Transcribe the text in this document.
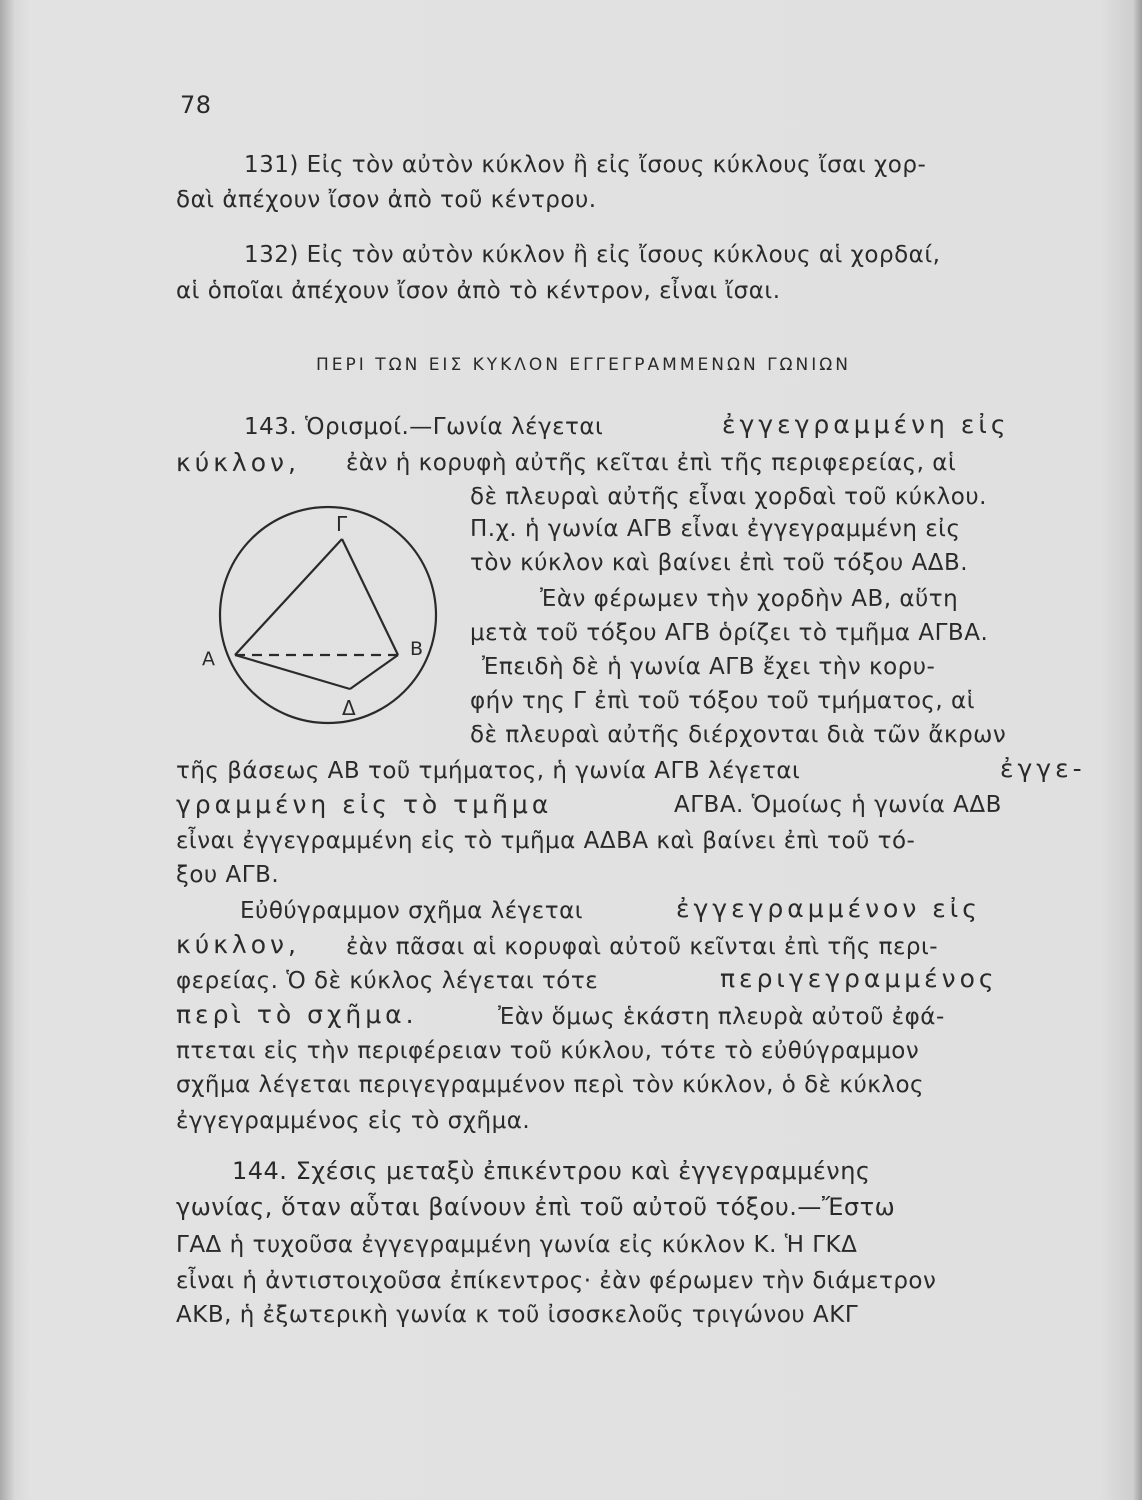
78
131) Εἰς τὸν αὐτὸν κύκλον ἢ εἰς ἴσους κύκλους ἴσαι χορ-
δαὶ ἀπέχουν ἴσον ἀπὸ τοῦ κέντρου.
132) Εἰς τὸν αὐτὸν κύκλον ἢ εἰς ἴσους κύκλους αἱ χορδαί,
αἱ ὁποῖαι ἀπέχουν ἴσον ἀπὸ τὸ κέντρον, εἶναι ἴσαι.
ΠΕΡΙ ΤΩΝ ΕΙΣ ΚΥΚΛΟΝ ΕΓΓΕΓΡΑΜΜΕΝΩΝ ΓΩΝΙΩΝ
143. Ὁρισμοί.—Γωνία λέγεται	ἐγγεγραμμένη εἰς
κύκλον, ἐὰν ἡ κορυφὴ αὐτῆς κεῖται ἐπὶ τῆς περιφερείας, αἱ
δὲ πλευραὶ αὐτῆς εἶναι χορδαὶ τοῦ κύκλου.
Π.χ. ἡ γωνία ΑΓΒ εἶναι ἐγγεγραμμένη εἰς
τὸν κύκλον καὶ βαίνει ἐπὶ τοῦ τόξου ΑΔΒ.
Ἐὰν φέρωμεν τὴν χορδὴν ΑΒ, αὕτη
μετὰ τοῦ τόξου ΑΓΒ ὁρίζει τὸ τμῆμα ΑΓΒΑ.
Ἐπειδὴ δὲ ἡ γωνία ΑΓΒ ἔχει τὴν κορυ-
φήν της Γ ἐπὶ τοῦ τόξου τοῦ τμήματος, αἱ
δὲ πλευραὶ αὐτῆς διέρχονται διὰ τῶν ἄκρων
τῆς βάσεως ΑΒ τοῦ τμήματος, ἡ γωνία ΑΓΒ λέγεται	ἐγγε-
γραμμένη εἰς τὸ τμῆμα	ΑΓΒΑ. Ὁμοίως ἡ γωνία ΑΔΒ
εἶναι ἐγγεγραμμένη εἰς τὸ τμῆμα ΑΔΒΑ καὶ βαίνει ἐπὶ τοῦ τό-
ξου ΑΓΒ.
Εὐθύγραμμον σχῆμα λέγεται	ἐγγεγραμμένον εἰς
κύκλον, ἐὰν πᾶσαι αἱ κορυφαὶ αὐτοῦ κεῖνται ἐπὶ τῆς περι-
φερείας. Ὁ δὲ κύκλος λέγεται τότε	περιγεγραμμένος
περὶ τὸ σχῆμα.	Ἐὰν ὅμως ἑκάστη πλευρὰ αὐτοῦ ἐφά-
πτεται εἰς τὴν περιφέρειαν τοῦ κύκλου, τότε τὸ εὐθύγραμμον
σχῆμα λέγεται περιγεγραμμένον περὶ τὸν κύκλον, ὁ δὲ κύκλος
ἐγγεγραμμένος εἰς τὸ σχῆμα.
144. Σχέσις μεταξὺ ἐπικέντρου καὶ ἐγγεγραμμένης
γωνίας, ὅταν αὗται βαίνουν ἐπὶ τοῦ αὐτοῦ τόξου.—Ἔστω
ΓΑΔ ἡ τυχοῦσα ἐγγεγραμμένη γωνία εἰς κύκλον Κ. Ἡ ΓΚΔ
εἶναι ἡ ἀντιστοιχοῦσα ἐπίκεντρος· ἐὰν φέρωμεν τὴν διάμετρον
ΑΚΒ, ἡ ἐξωτερικὴ γωνία κ τοῦ ἰσοσκελοῦς τριγώνου ΑΚΓ
Γ
Α	Β
Δ
